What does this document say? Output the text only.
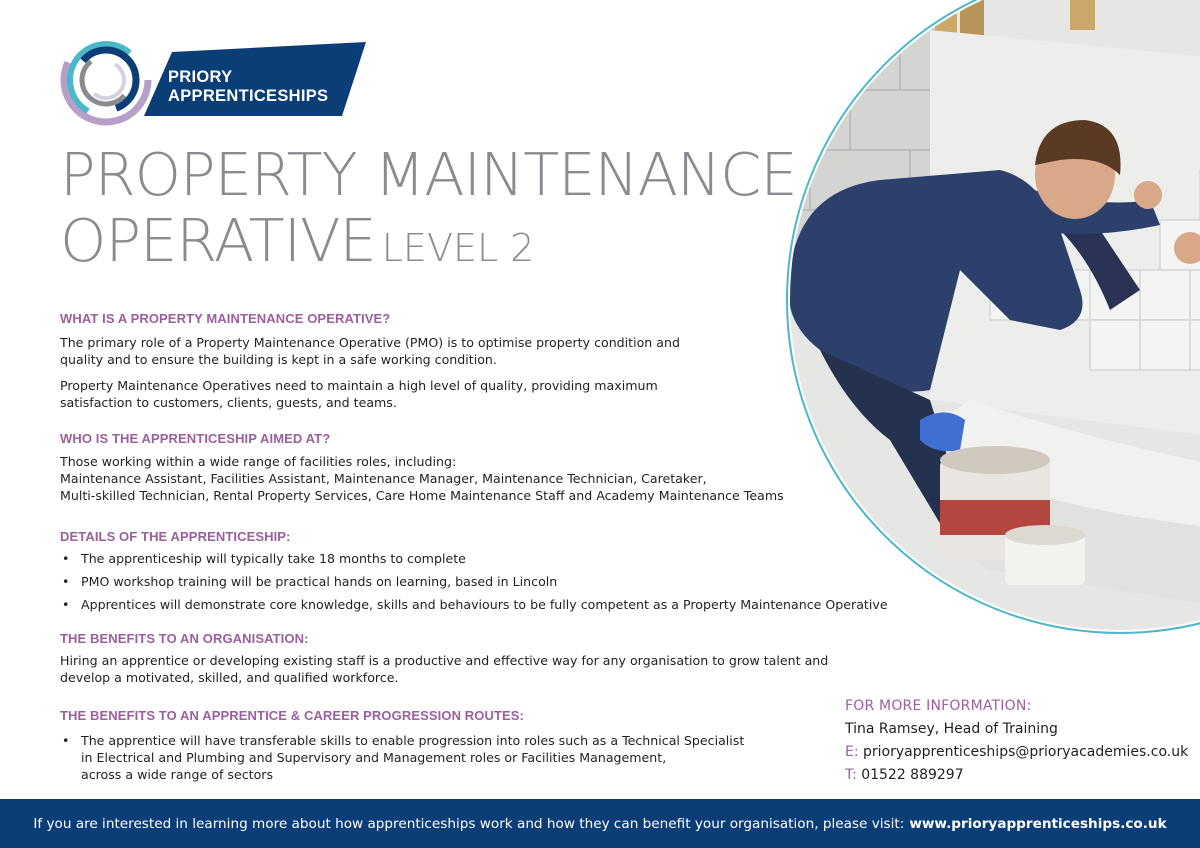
PRIORY APPRENTICESHIPS
PROPERTY MAINTENANCE
OPERATIVE LEVEL 2
WHAT IS A PROPERTY MAINTENANCE OPERATIVE?
The primary role of a Property Maintenance Operative (PMO) is to optimise property condition and
quality and to ensure the building is kept in a safe working condition.
Property Maintenance Operatives need to maintain a high level of quality, providing maximum
satisfaction to customers, clients, guests, and teams.
WHO IS THE APPRENTICESHIP AIMED AT?
Those working within a wide range of facilities roles, including:
Maintenance Assistant, Facilities Assistant, Maintenance Manager, Maintenance Technician, Caretaker,
Multi-skilled Technician, Rental Property Services, Care Home Maintenance Staff and Academy Maintenance Teams
DETAILS OF THE APPRENTICESHIP:
• The apprenticeship will typically take 18 months to complete
• PMO workshop training will be practical hands on learning, based in Lincoln
• Apprentices will demonstrate core knowledge, skills and behaviours to be fully competent as a Property Maintenance Operative
THE BENEFITS TO AN ORGANISATION:
Hiring an apprentice or developing existing staff is a productive and effective way for any organisation to grow talent and
develop a motivated, skilled, and qualified workforce.
THE BENEFITS TO AN APPRENTICE & CAREER PROGRESSION ROUTES:
• The apprentice will have transferable skills to enable progression into roles such as a Technical Specialist
in Electrical and Plumbing and Supervisory and Management roles or Facilities Management,
across a wide range of sectors
FOR MORE INFORMATION:
Tina Ramsey, Head of Training
E: prioryapprenticeships@prioryacademies.co.uk
T: 01522 889297
If you are interested in learning more about how apprenticeships work and how they can benefit your organisation, please visit: www.prioryapprenticeships.co.uk
